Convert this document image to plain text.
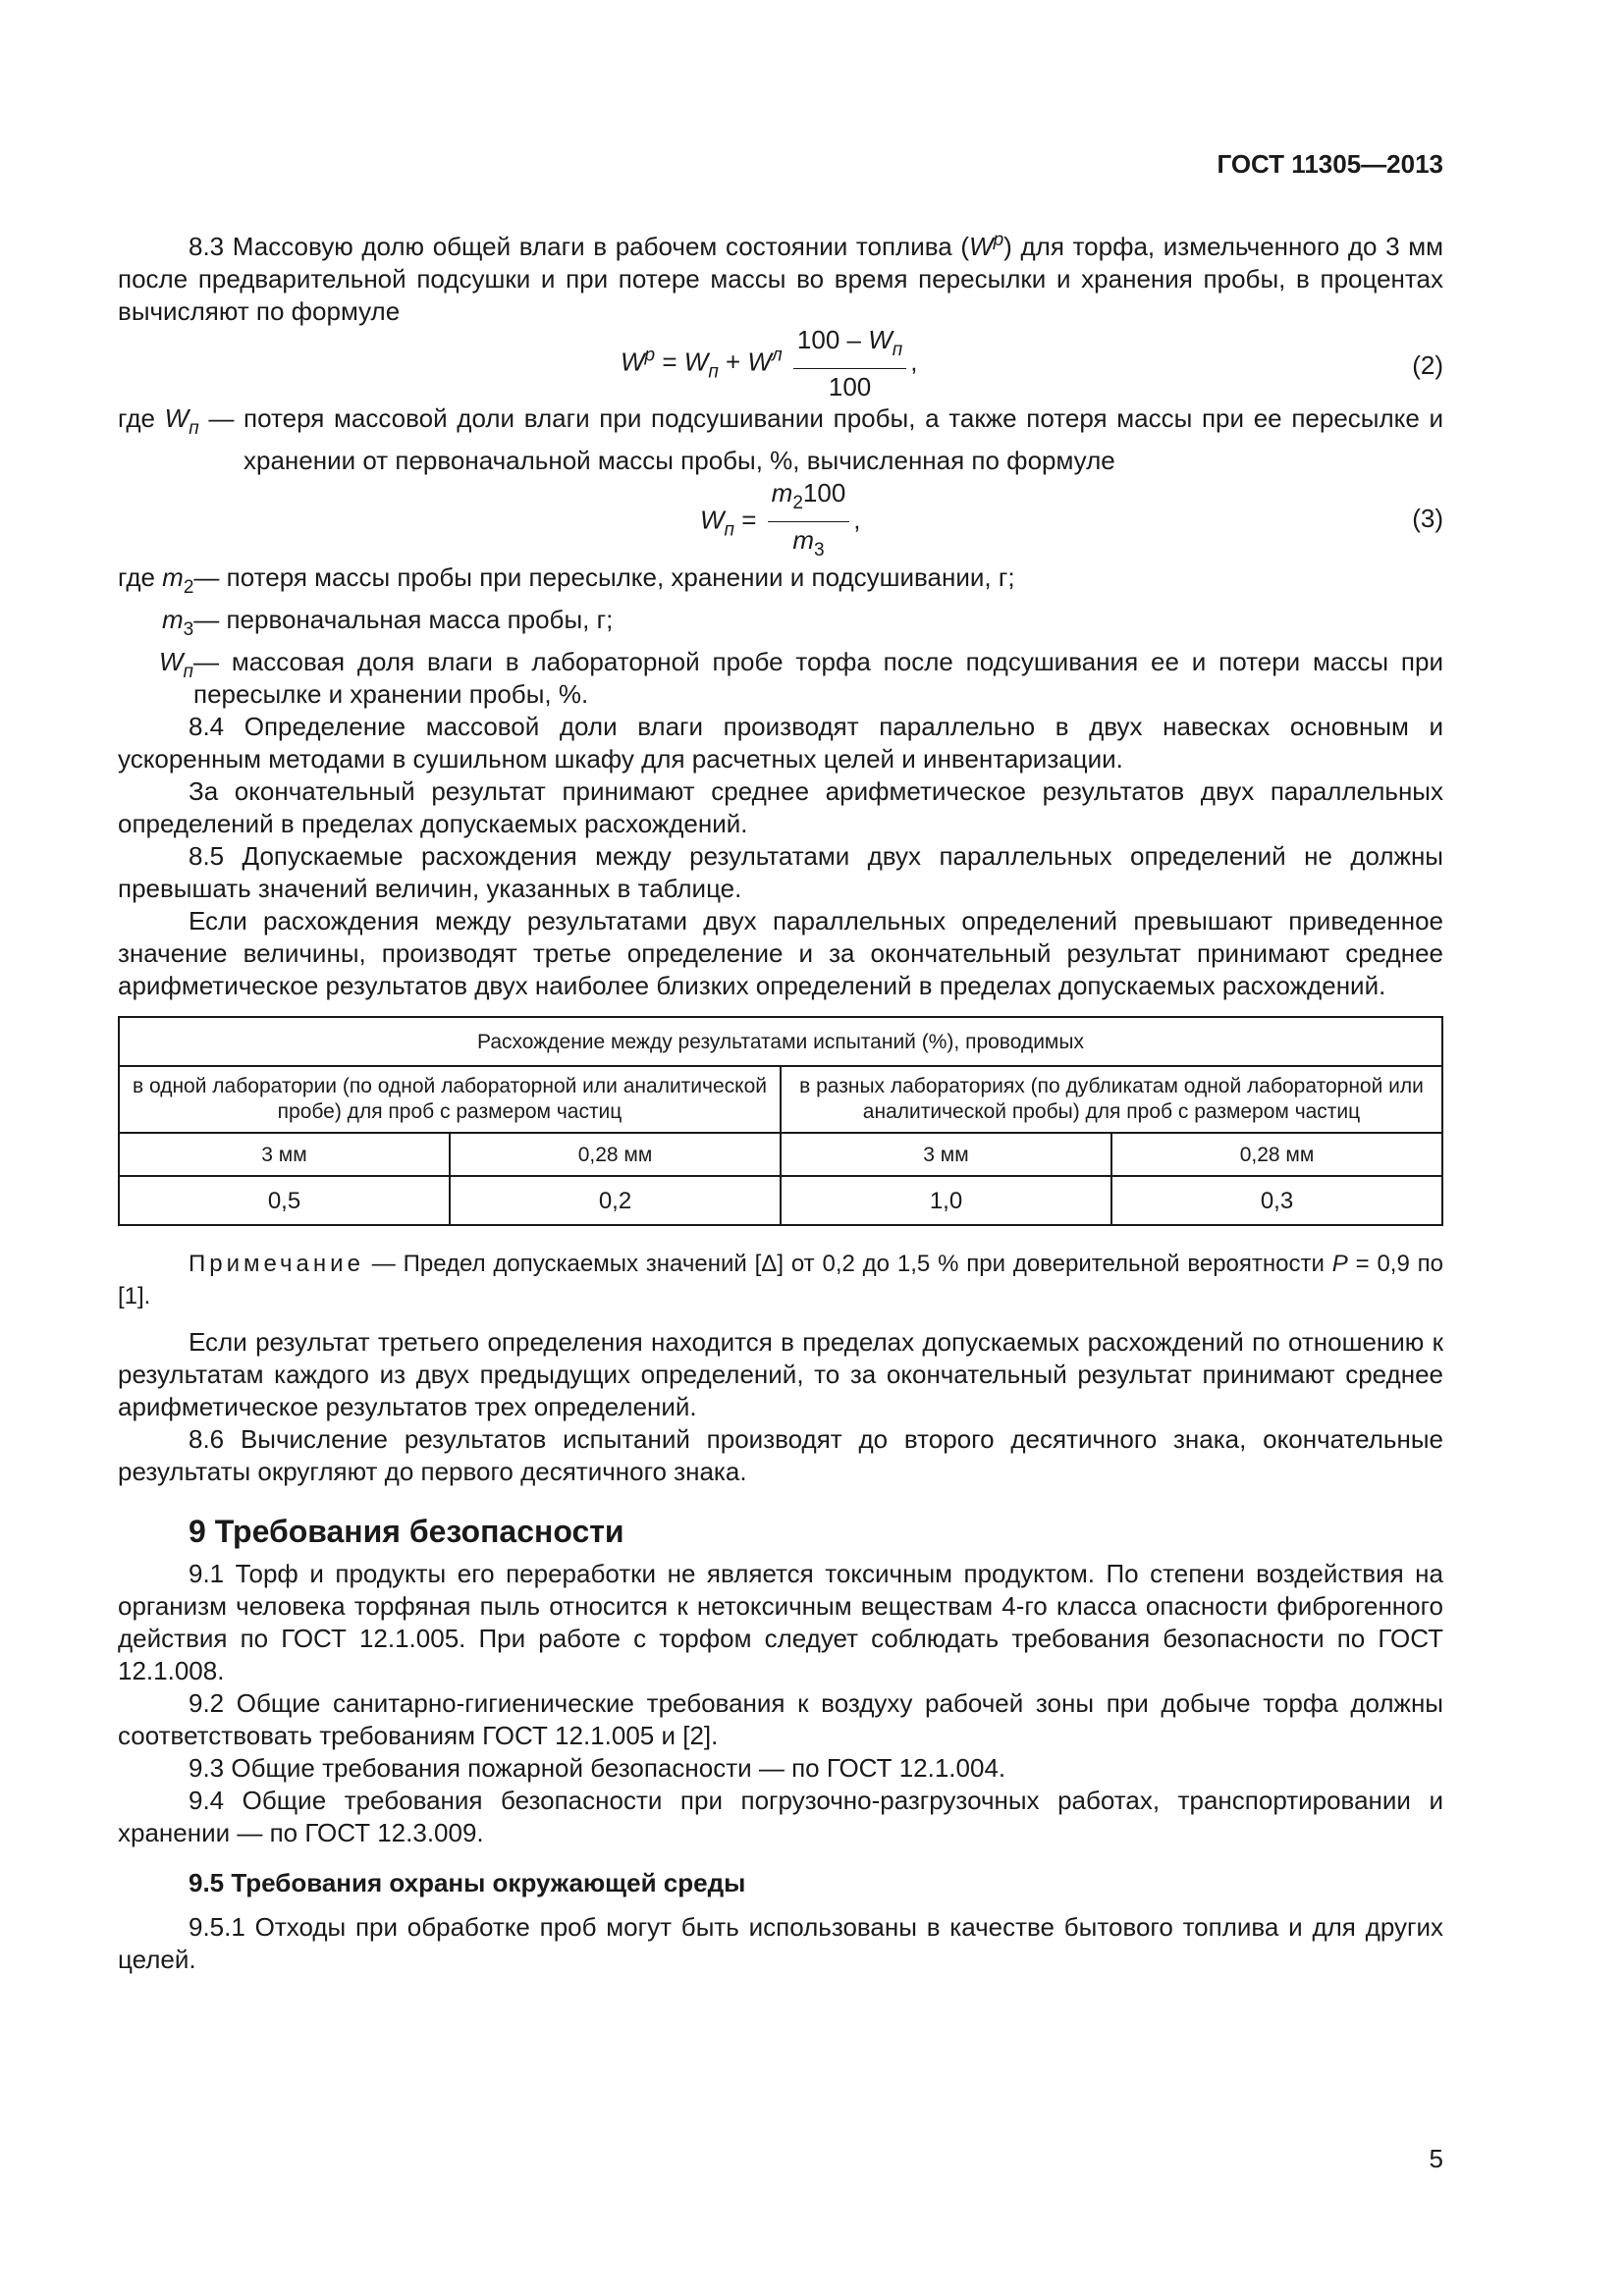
ГОСТ 11305—2013

8.3 Массовую долю общей влаги в рабочем состоянии топлива $(W^p)$ для торфа, измельченного до 3 мм после предварительной подсушки и при потере массы во время пересылки и хранения пробы, в процентах вычисляют по формуле

$W^p = W_п + W^л \frac{100 - W_п}{100}$ ,	(2)

где $W_п$ — потеря массовой доли влаги при подсушивании пробы, а также потеря массы при ее пересылке и хранении от первоначальной массы пробы, %, вычисленная по формуле

$W_п = \frac{m_2100}{m_3}$ ,	(3)
где $m_2$ — потеря массы пробы при пересылке, хранении и подсушивании, г;
$m_3$ — первоначальная масса пробы, г;
$W_п$ — массовая доля влаги в лабораторной пробе торфа после подсушивания ее и потери массы при пересылке и хранении пробы, %.

8.4 Определение массовой доли влаги производят параллельно в двух навесках основным и ускоренным методами в сушильном шкафу для расчетных целей и инвентаризации.

За окончательный результат принимают среднее арифметическое результатов двух параллельных определений в пределах допускаемых расхождений.

8.5 Допускаемые расхождения между результатами двух параллельных определений не должны превышать значений величин, указанных в таблице.

Если расхождения между результатами двух параллельных определений превышают приведенное значение величины, производят третье определение и за окончательный результат принимают среднее арифметическое результатов двух наиболее близких определений в пределах допускаемых расхождений.

Расхождение между результатами испытаний (%), проводимых			
в одной лаборатории (по одной лабораторной или аналитической пробе) для проб с размером частиц		в разных лабораториях (по дубликатам одной лабораторной или аналитической пробы) для проб с размером частиц	
3 мм	0,28 мм	3 мм	0,28 мм
0,5	0,2	1,0	0,3

Примечание — Предел допускаемых значений [Δ] от 0,2 до 1,5 % при доверительной вероятности P = 0,9 по [1].

Если результат третьего определения находится в пределах допускаемых расхождений по отношению к результатам каждого из двух предыдущих определений, то за окончательный результат принимают среднее арифметическое результатов трех определений.

8.6 Вычисление результатов испытаний производят до второго десятичного знака, окончательные результаты округляют до первого десятичного знака.

9 Требования безопасности

9.1 Торф и продукты его переработки не является токсичным продуктом. По степени воздействия на организм человека торфяная пыль относится к нетоксичным веществам 4-го класса опасности фиброгенного действия по ГОСТ 12.1.005. При работе с торфом следует соблюдать требования безопасности по ГОСТ 12.1.008.

9.2 Общие санитарно-гигиенические требования к воздуху рабочей зоны при добыче торфа должны соответствовать требованиям ГОСТ 12.1.005 и [2].

9.3 Общие требования пожарной безопасности — по ГОСТ 12.1.004.

9.4 Общие требования безопасности при погрузочно-разгрузочных работах, транспортировании и хранении — по ГОСТ 12.3.009.

9.5 Требования охраны окружающей среды

9.5.1 Отходы при обработке проб могут быть использованы в качестве бытового топлива и для других целей.

5
